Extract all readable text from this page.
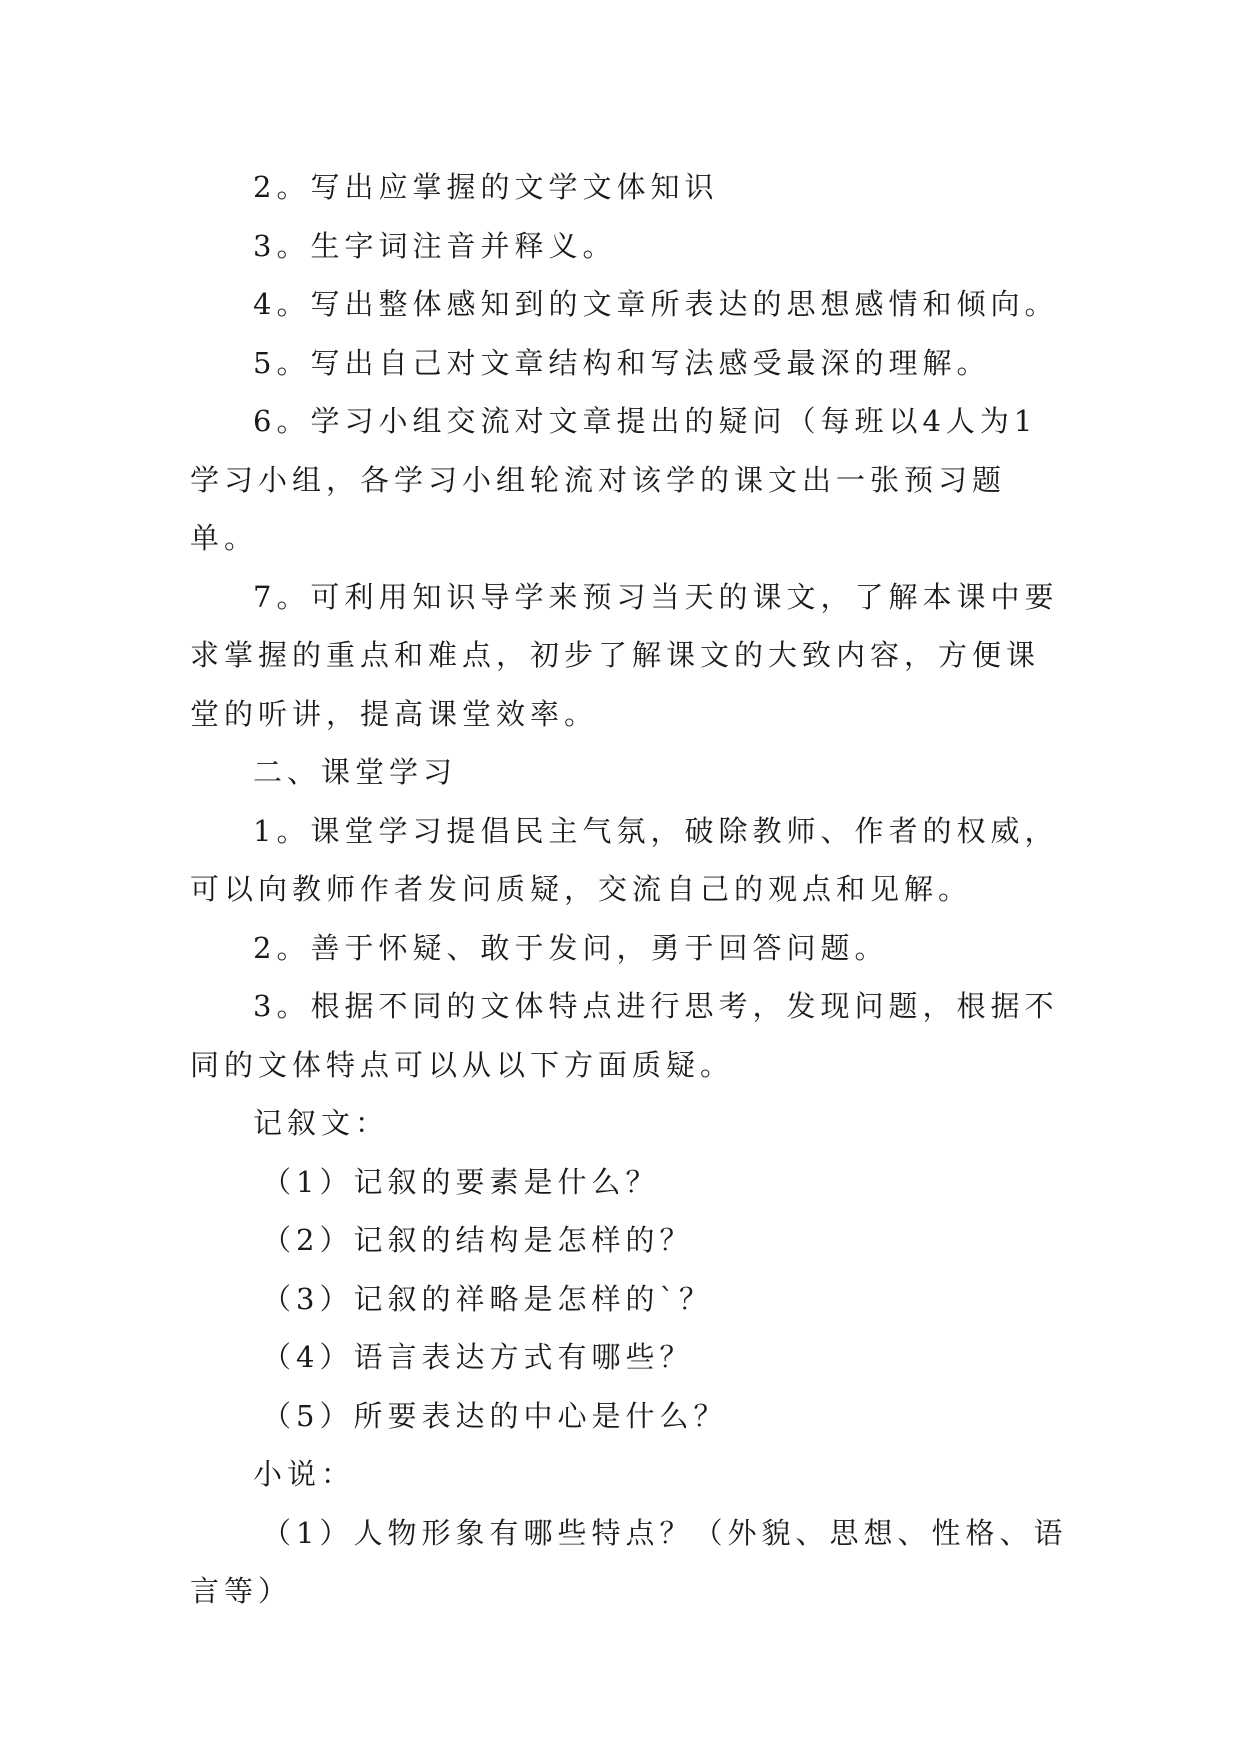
2。写出应掌握的文学文体知识

3。生字词注音并释义。

4。写出整体感知到的文章所表达的思想感情和倾向。

5。写出自己对文章结构和写法感受最深的理解。

6。学习小组交流对文章提出的疑问（每班以4人为1学习小组，各学习小组轮流对该学的课文出一张预习题单。

7。可利用知识导学来预习当天的课文，了解本课中要求掌握的重点和难点，初步了解课文的大致内容，方便课堂的听讲，提高课堂效率。

二、课堂学习

1。课堂学习提倡民主气氛，破除教师、作者的权威，可以向教师作者发问质疑，交流自己的观点和见解。

2。善于怀疑、敢于发问，勇于回答问题。

3。根据不同的文体特点进行思考，发现问题，根据不同的文体特点可以从以下方面质疑。

记叙文：

（1）记叙的要素是什么？

（2）记叙的结构是怎样的？

（3）记叙的祥略是怎样的`？

（4）语言表达方式有哪些？

（5）所要表达的中心是什么？

小说：

（1）人物形象有哪些特点？（外貌、思想、性格、语言等）
